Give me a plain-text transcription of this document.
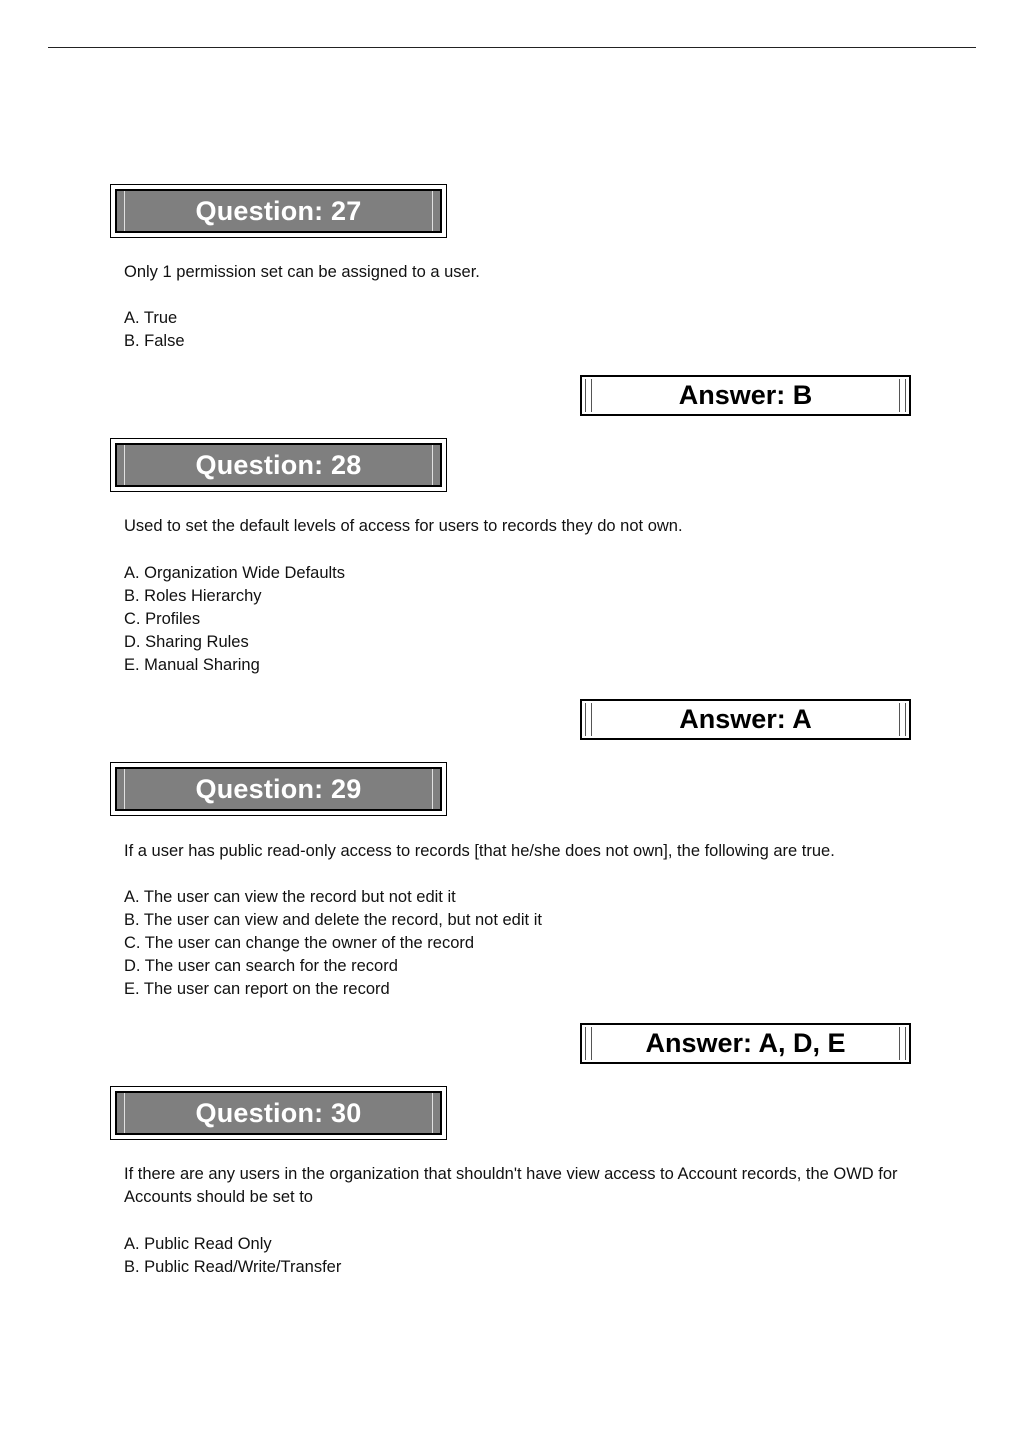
Question: 27

Only 1 permission set can be assigned to a user.

A. True
B. False
Answer: B
Question: 28

Used to set the default levels of access for users to records they do not own.

A. Organization Wide Defaults
B. Roles Hierarchy
C. Profiles
D. Sharing Rules
E. Manual Sharing
Answer: A
Question: 29

If a user has public read-only access to records [that he/she does not own], the following are true.

A. The user can view the record but not edit it
B. The user can view and delete the record, but not edit it
C. The user can change the owner of the record
D. The user can search for the record
E. The user can report on the record
Answer: A, D, E
Question: 30

If there are any users in the organization that shouldn't have view access to Account records, the OWD for Accounts should be set to

A. Public Read Only
B. Public Read/Write/Transfer
